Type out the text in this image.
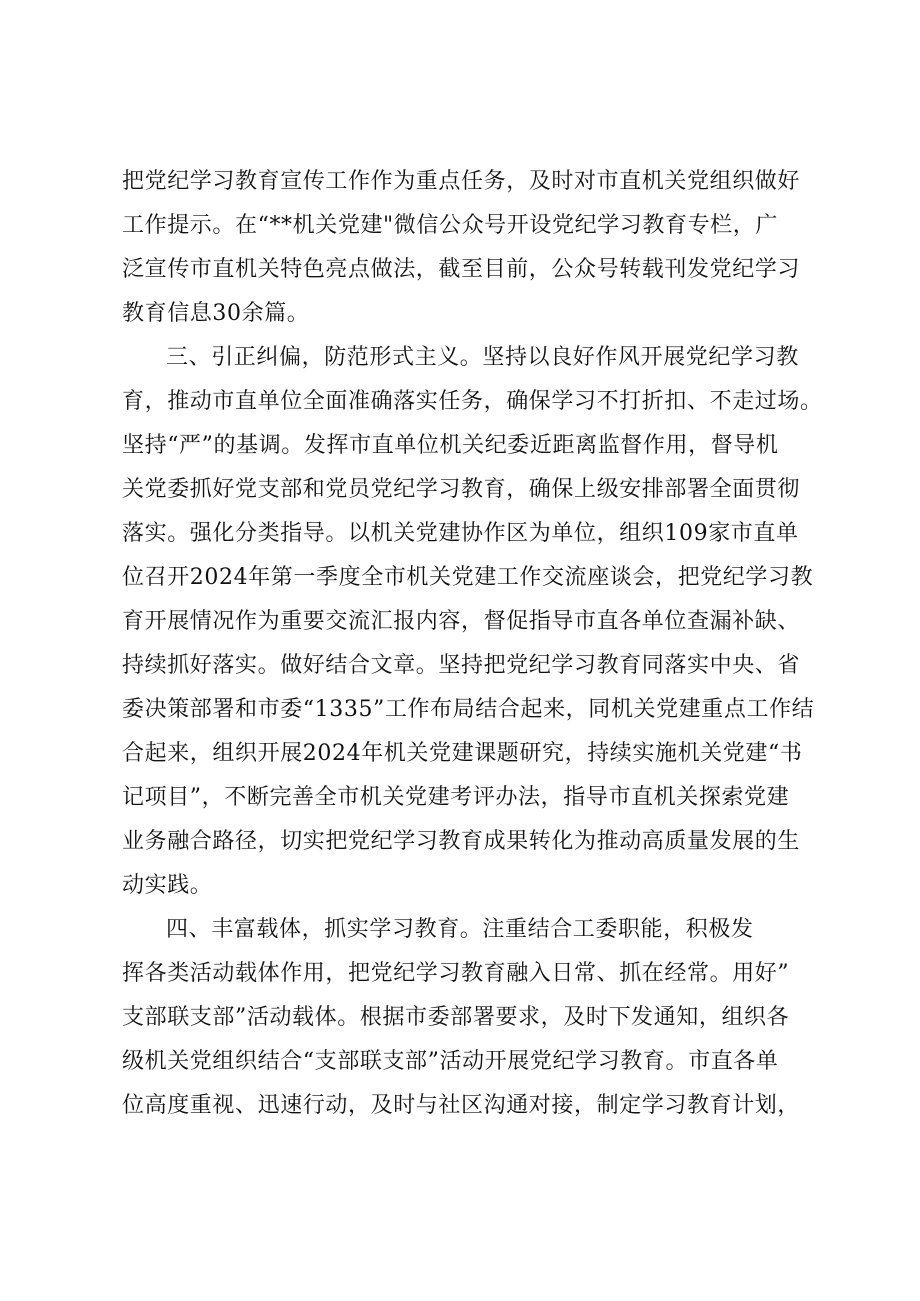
把党纪学习教育宣传工作作为重点任务，及时对市直机关党组织做好
工作提示。在“**机关党建"微信公众号开设党纪学习教育专栏，广
泛宣传市直机关特色亮点做法，截至目前，公众号转载刊发党纪学习
教育信息30余篇。
三、引正纠偏，防范形式主义。坚持以良好作风开展党纪学习教
育，推动市直单位全面准确落实任务，确保学习不打折扣、不走过场。
坚持“严”的基调。发挥市直单位机关纪委近距离监督作用，督导机
关党委抓好党支部和党员党纪学习教育，确保上级安排部署全面贯彻
落实。强化分类指导。以机关党建协作区为单位，组织109家市直单
位召开2024年第一季度全市机关党建工作交流座谈会，把党纪学习教
育开展情况作为重要交流汇报内容，督促指导市直各单位查漏补缺、
持续抓好落实。做好结合文章。坚持把党纪学习教育同落实中央、省
委决策部署和市委“1335”工作布局结合起来，同机关党建重点工作结
合起来，组织开展2024年机关党建课题研究，持续实施机关党建“书
记项目”，不断完善全市机关党建考评办法，指导市直机关探索党建
业务融合路径，切实把党纪学习教育成果转化为推动高质量发展的生
动实践。
四、丰富载体，抓实学习教育。注重结合工委职能，积极发
挥各类活动载体作用，把党纪学习教育融入日常、抓在经常。用好”
支部联支部”活动载体。根据市委部署要求，及时下发通知，组织各
级机关党组织结合“支部联支部”活动开展党纪学习教育。市直各单
位高度重视、迅速行动，及时与社区沟通对接，制定学习教育计划，
